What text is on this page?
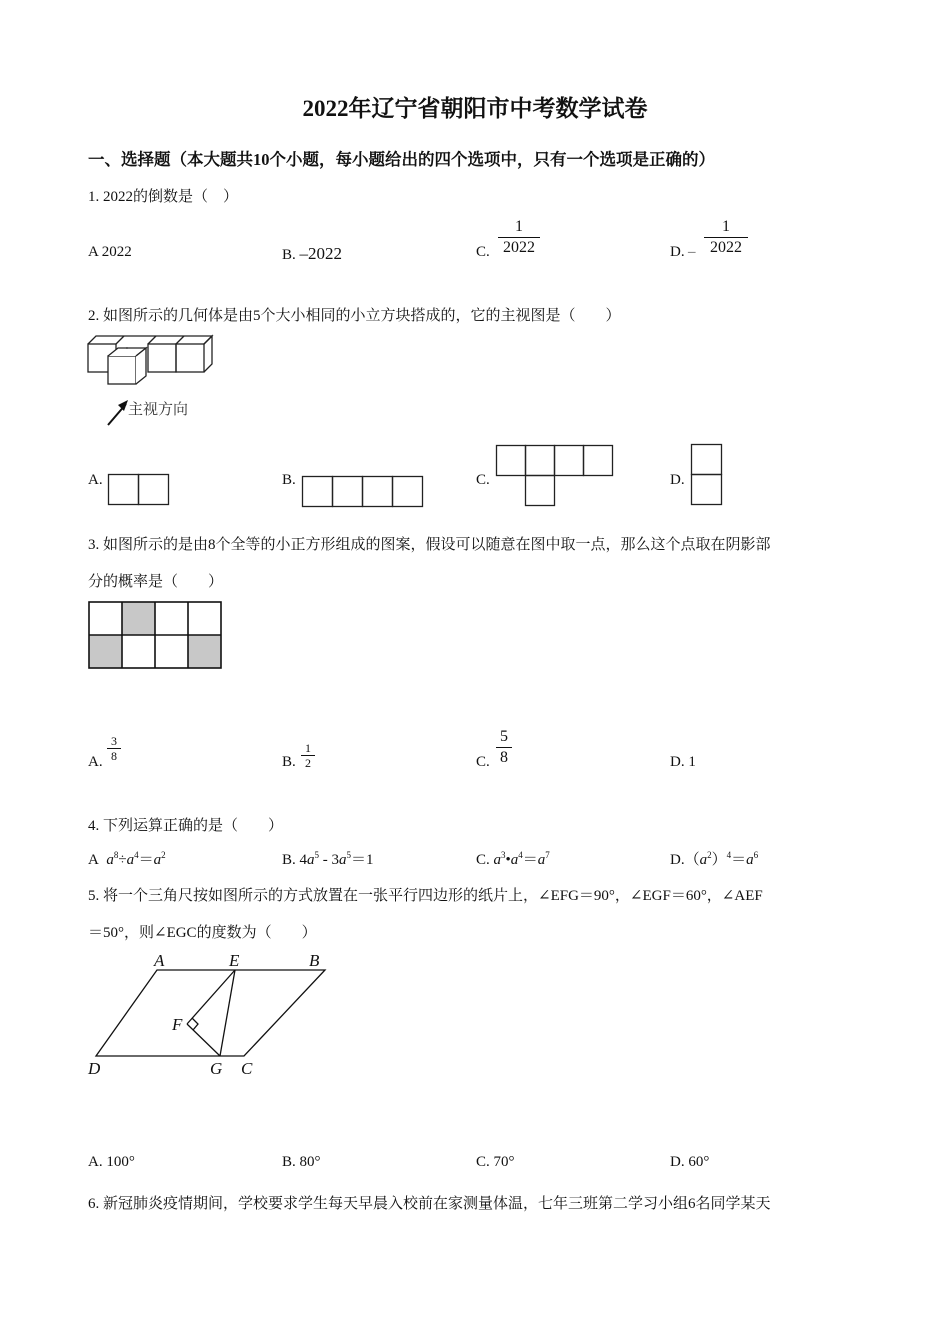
2022年辽宁省朝阳市中考数学试卷
一、选择题（本大题共10个小题，每小题给出的四个选项中，只有一个选项是正确的）
1. 2022的倒数是（　）
A 2022	B. –2022	C.
1
2022	D. –
1
2022
2. 如图所示的几何体是由5个大小相同的小立方块搭成的，它的主视图是（　　）
主视方向
A.	B.	C.	D.
3. 如图所示的是由8个全等的小正方形组成的图案，假设可以随意在图中取一点，那么这个点取在阴影部
分的概率是（　　）
A.
3
8	B.
1
2	C.
5
8	D. 1
4. 下列运算正确的是（　　）
A $a^8\div a^4=a^2$	B. $4a^5 - 3a^5=1$	C. $a^3•a^4=a^7$	$D.(a^2)^4=a^6$
5. 将一个三角尺按如图所示的方式放置在一张平行四边形的纸片上，∠EFG＝90°，∠EGF＝60°，∠AEF
＝50°，则∠EGC的度数为（　　）
A	E	B
F
D	G C
A. 100°	B. 80°	C. 70°	D. 60°
6. 新冠肺炎疫情期间，学校要求学生每天早晨入校前在家测量体温，七年三班第二学习小组6名同学某天
